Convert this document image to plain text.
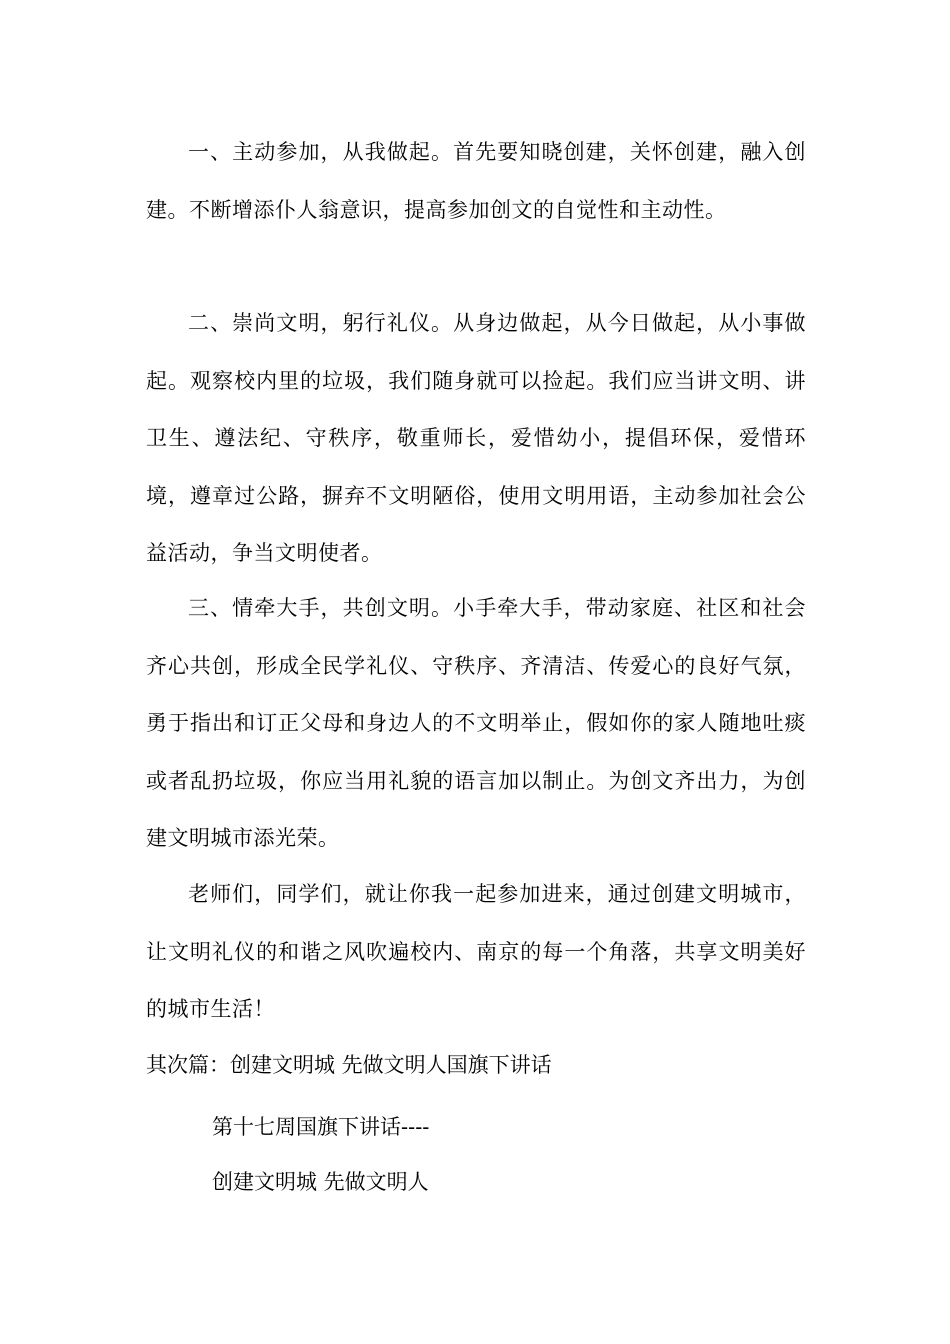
一、主动参加，从我做起。首先要知晓创建，关怀创建，融入创建。不断增添仆人翁意识，提高参加创文的自觉性和主动性。

二、崇尚文明，躬行礼仪。从身边做起，从今日做起，从小事做起。观察校内里的垃圾，我们随身就可以捡起。我们应当讲文明、讲卫生、遵法纪、守秩序，敬重师长，爱惜幼小，提倡环保，爱惜环境，遵章过公路，摒弃不文明陋俗，使用文明用语，主动参加社会公益活动，争当文明使者。

三、情牵大手，共创文明。小手牵大手，带动家庭、社区和社会齐心共创，形成全民学礼仪、守秩序、齐清洁、传爱心的良好气氛，勇于指出和订正父母和身边人的不文明举止，假如你的家人随地吐痰或者乱扔垃圾，你应当用礼貌的语言加以制止。为创文齐出力，为创建文明城市添光荣。

老师们，同学们，就让你我一起参加进来，通过创建文明城市，让文明礼仪的和谐之风吹遍校内、南京的每一个角落，共享文明美好的城市生活！

其次篇：创建文明城 先做文明人国旗下讲话

第十七周国旗下讲话----

创建文明城 先做文明人
